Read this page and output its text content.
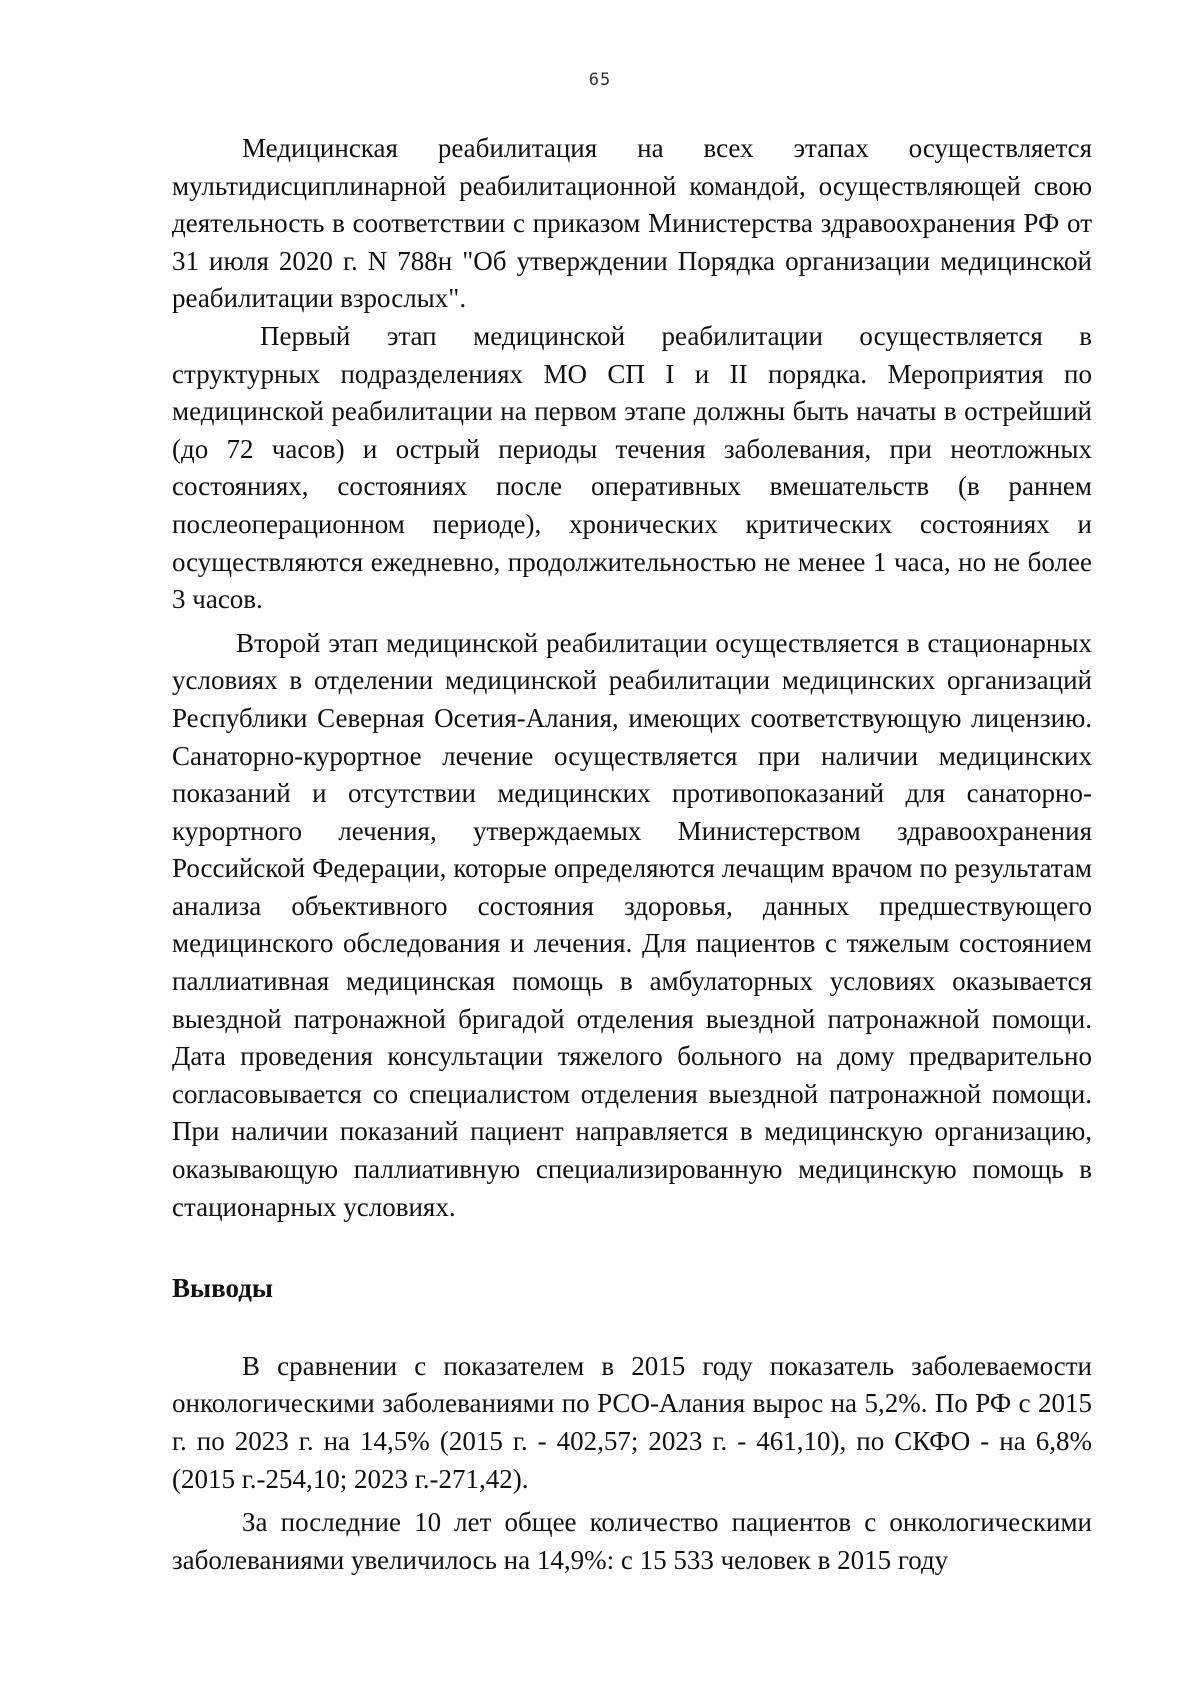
65

Медицинская реабилитация на всех этапах осуществляется мультидисциплинарной реабилитационной командой, осуществляющей свою деятельность в соответствии с приказом Министерства здравоохранения РФ от 31 июля 2020 г. N 788н "Об утверждении Порядка организации медицинской реабилитации взрослых".

Первый этап медицинской реабилитации осуществляется в структурных подразделениях МО СП I и II порядка. Мероприятия по медицинской реабилитации на первом этапе должны быть начаты в острейший (до 72 часов) и острый периоды течения заболевания, при неотложных состояниях, состояниях после оперативных вмешательств (в раннем послеоперационном периоде), хронических критических состояниях и осуществляются ежедневно, продолжительностью не менее 1 часа, но не более 3 часов.

Второй этап медицинской реабилитации осуществляется в стационарных условиях в отделении медицинской реабилитации медицинских организаций Республики Северная Осетия-Алания, имеющих соответствующую лицензию. Санаторно-курортное лечение осуществляется при наличии медицинских показаний и отсутствии медицинских противопоказаний для санаторно-курортного лечения, утверждаемых Министерством здравоохранения Российской Федерации, которые определяются лечащим врачом по результатам анализа объективного состояния здоровья, данных предшествующего медицинского обследования и лечения. Для пациентов с тяжелым состоянием паллиативная медицинская помощь в амбулаторных условиях оказывается выездной патронажной бригадой отделения выездной патронажной помощи. Дата проведения консультации тяжелого больного на дому предварительно согласовывается со специалистом отделения выездной патронажной помощи. При наличии показаний пациент направляется в медицинскую организацию, оказывающую паллиативную специализированную медицинскую помощь в стационарных условиях.

Выводы

В сравнении с показателем в 2015 году показатель заболеваемости онкологическими заболеваниями по РСО-Алания вырос на 5,2%. По РФ с 2015 г. по 2023 г. на 14,5% (2015 г. - 402,57; 2023 г. - 461,10), по СКФО - на 6,8% (2015 г.-254,10; 2023 г.-271,42).

За последние 10 лет общее количество пациентов с онкологическими заболеваниями увеличилось на 14,9%: с 15 533 человек в 2015 году
